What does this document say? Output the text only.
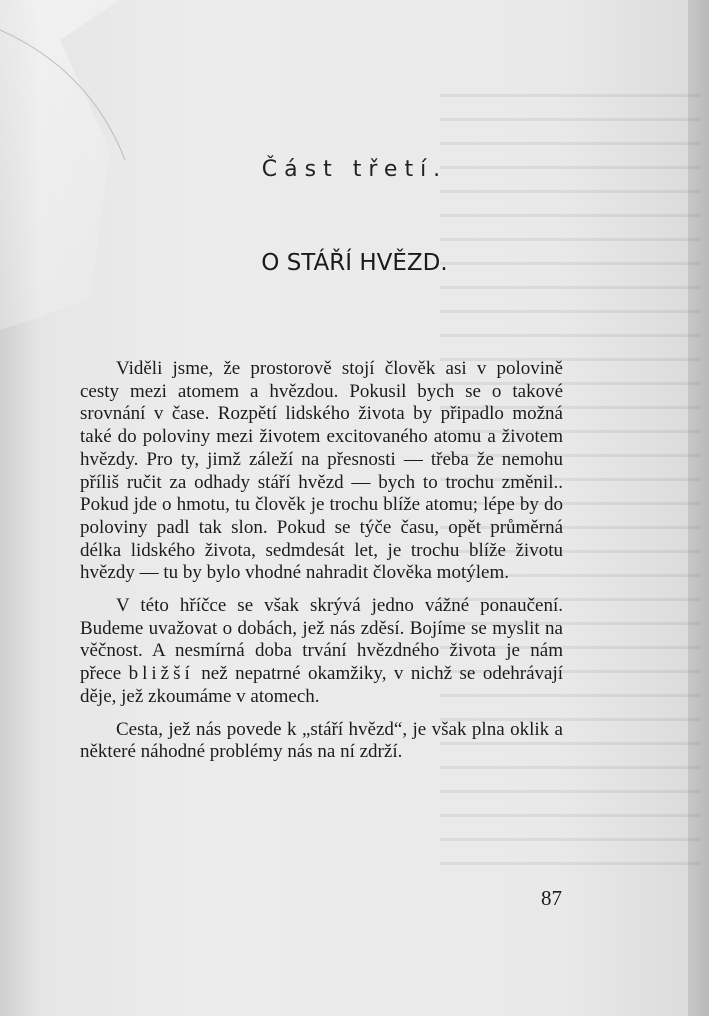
Část třetí.
O STÁŘÍ HVĚZD.

Viděli jsme, že prostorově stojí člověk asi v polovině cesty mezi atomem a hvězdou. Pokusil bych se o takové srovnání v čase. Rozpětí lidského života by připadlo možná také do poloviny mezi životem excitovaného atomu a životem hvězdy. Pro ty, jimž záleží na přesnosti — třeba že nemohu příliš ručit za odhady stáří hvězd — bych to trochu změnil.. Pokud jde o hmotu, tu člověk je trochu blíže atomu; lépe by do poloviny padl tak slon. Pokud se týče času, opět průměrná délka lidského života, sedmdesát let, je trochu blíže životu hvězdy — tu by bylo vhodné nahradit člověka motýlem.

V této hříčce se však skrývá jedno vážné ponaučení. Budeme uvažovat o dobách, jež nás zděsí. Bojíme se myslit na věčnost. A nesmírná doba trvání hvězdného života je nám přece bližší než nepatrné okamžiky, v nichž se odehrávají děje, jež zkoumáme v atomech.

Cesta, jež nás povede k „stáří hvězd“, je však plna oklik a některé náhodné problémy nás na ní zdrží.

87
